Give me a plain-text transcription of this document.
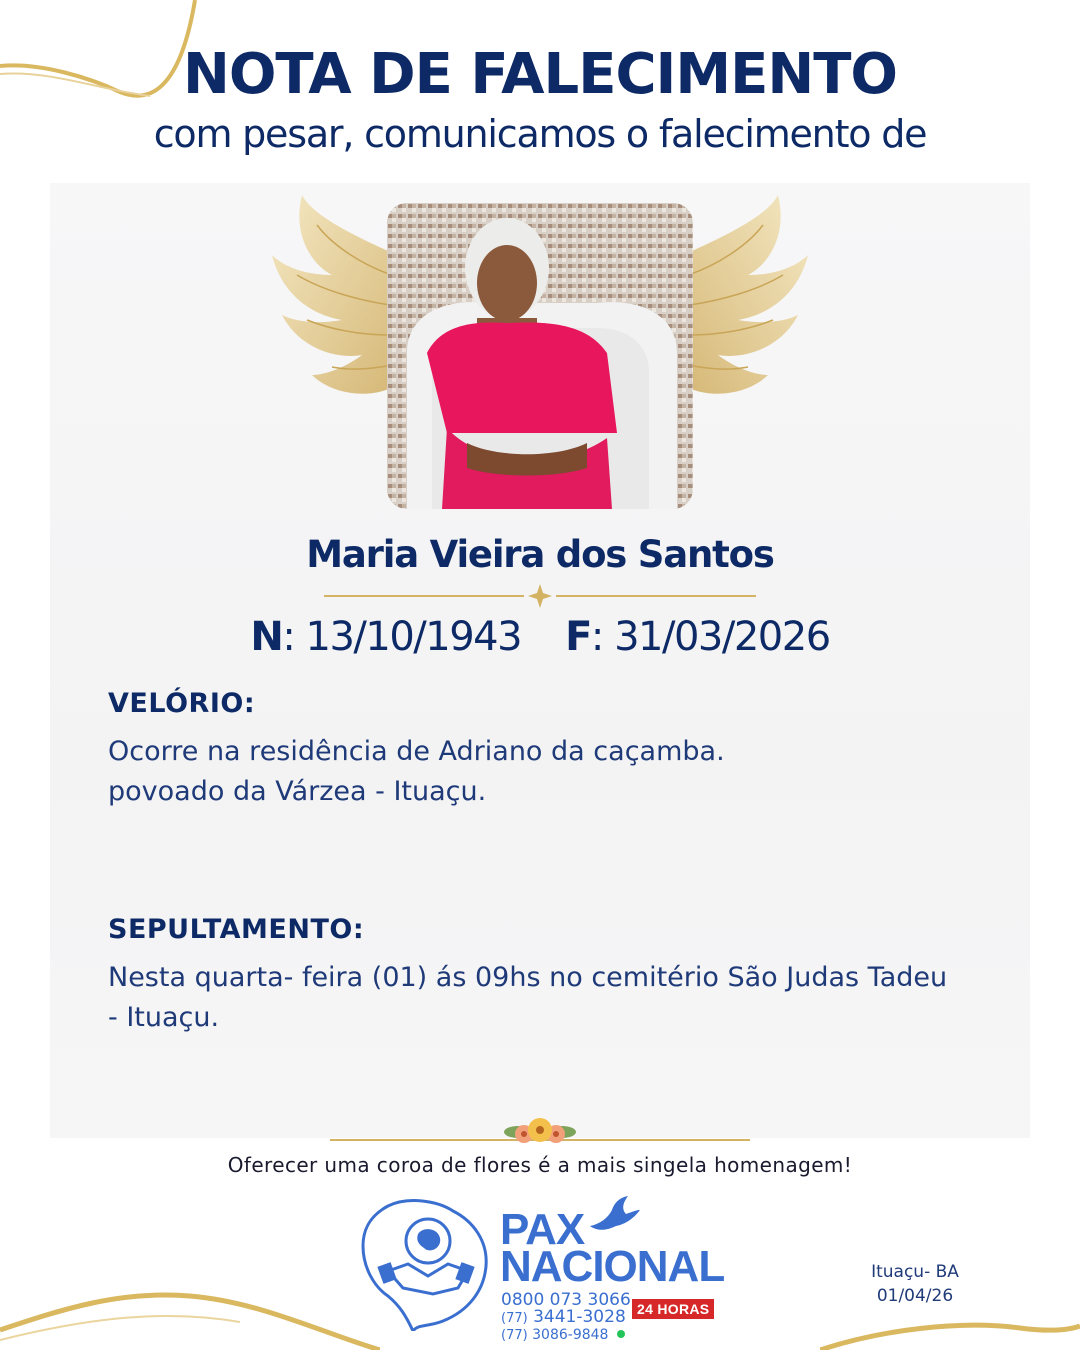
NOTA DE FALECIMENTO
com pesar, comunicamos o falecimento de
Maria Vieira dos Santos
N: 13/10/1943 F: 31/03/2026
VELÓRIO:
Ocorre na residência de Adriano da caçamba.
povoado da Várzea - Ituaçu.
SEPULTAMENTO:
Nesta quarta- feira (01) ás 09hs no cemitério São Judas Tadeu
- Ituaçu.
Oferecer uma coroa de flores é a mais singela homenagem!
PAX
NACIONAL
0800 073 3066 24 HORAS
(77) 3441-3028
(77) 3086-9848
Ituaçu- BA
01/04/26
